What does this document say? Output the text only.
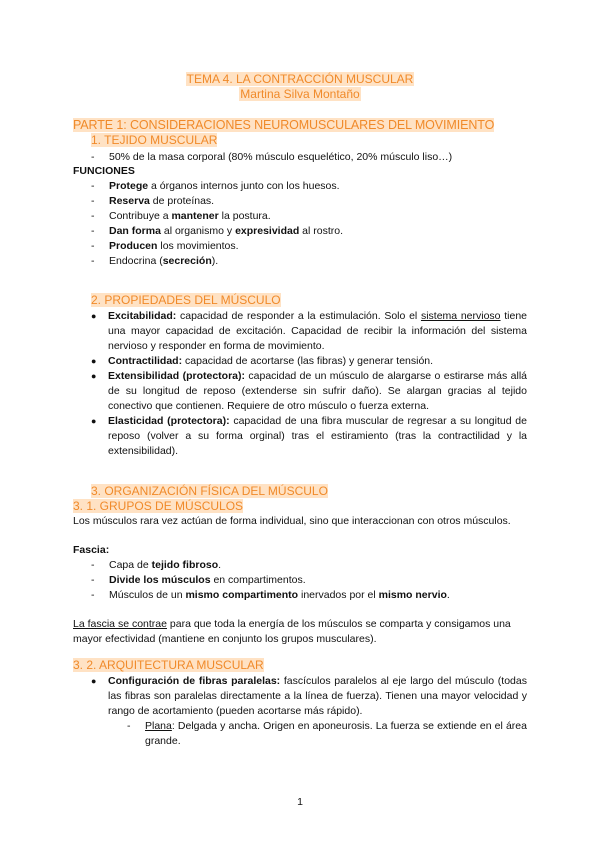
TEMA 4. LA CONTRACCIÓN MUSCULAR
Martina Silva Montaño
PARTE 1: CONSIDERACIONES NEUROMUSCULARES DEL MOVIMIENTO
1. TEJIDO MUSCULAR
- 50% de la masa corporal (80% músculo esquelético, 20% músculo liso…)
FUNCIONES
- Protege a órganos internos junto con los huesos.
- Reserva de proteínas.
- Contribuye a mantener la postura.
- Dan forma al organismo y expresividad al rostro.
- Producen los movimientos.
- Endocrina (secreción).
2. PROPIEDADES DEL MÚSCULO
● Excitabilidad: capacidad de responder a la estimulación. Solo el sistema nervioso tiene una mayor capacidad de excitación. Capacidad de recibir la información del sistema nervioso y responder en forma de movimiento.
● Contractilidad: capacidad de acortarse (las fibras) y generar tensión.
● Extensibilidad (protectora): capacidad de un músculo de alargarse o estirarse más allá de su longitud de reposo (extenderse sin sufrir daño). Se alargan gracias al tejido conectivo que contienen. Requiere de otro músculo o fuerza externa.
● Elasticidad (protectora): capacidad de una fibra muscular de regresar a su longitud de reposo (volver a su forma orginal) tras el estiramiento (tras la contractilidad y la extensibilidad).
3. ORGANIZACIÓN FÍSICA DEL MÚSCULO
3. 1. GRUPOS DE MÚSCULOS
Los músculos rara vez actúan de forma individual, sino que interaccionan con otros músculos.
Fascia:
- Capa de tejido fibroso.
- Divide los músculos en compartimentos.
- Músculos de un mismo compartimento inervados por el mismo nervio.
La fascia se contrae para que toda la energía de los músculos se comparta y consigamos una mayor efectividad (mantiene en conjunto los grupos musculares).
3. 2. ARQUITECTURA MUSCULAR
● Configuración de fibras paralelas: fascículos paralelos al eje largo del músculo (todas las fibras son paralelas directamente a la línea de fuerza). Tienen una mayor velocidad y rango de acortamiento (pueden acortarse más rápido).
- Plana: Delgada y ancha. Origen en aponeurosis. La fuerza se extiende en el área grande.
1
